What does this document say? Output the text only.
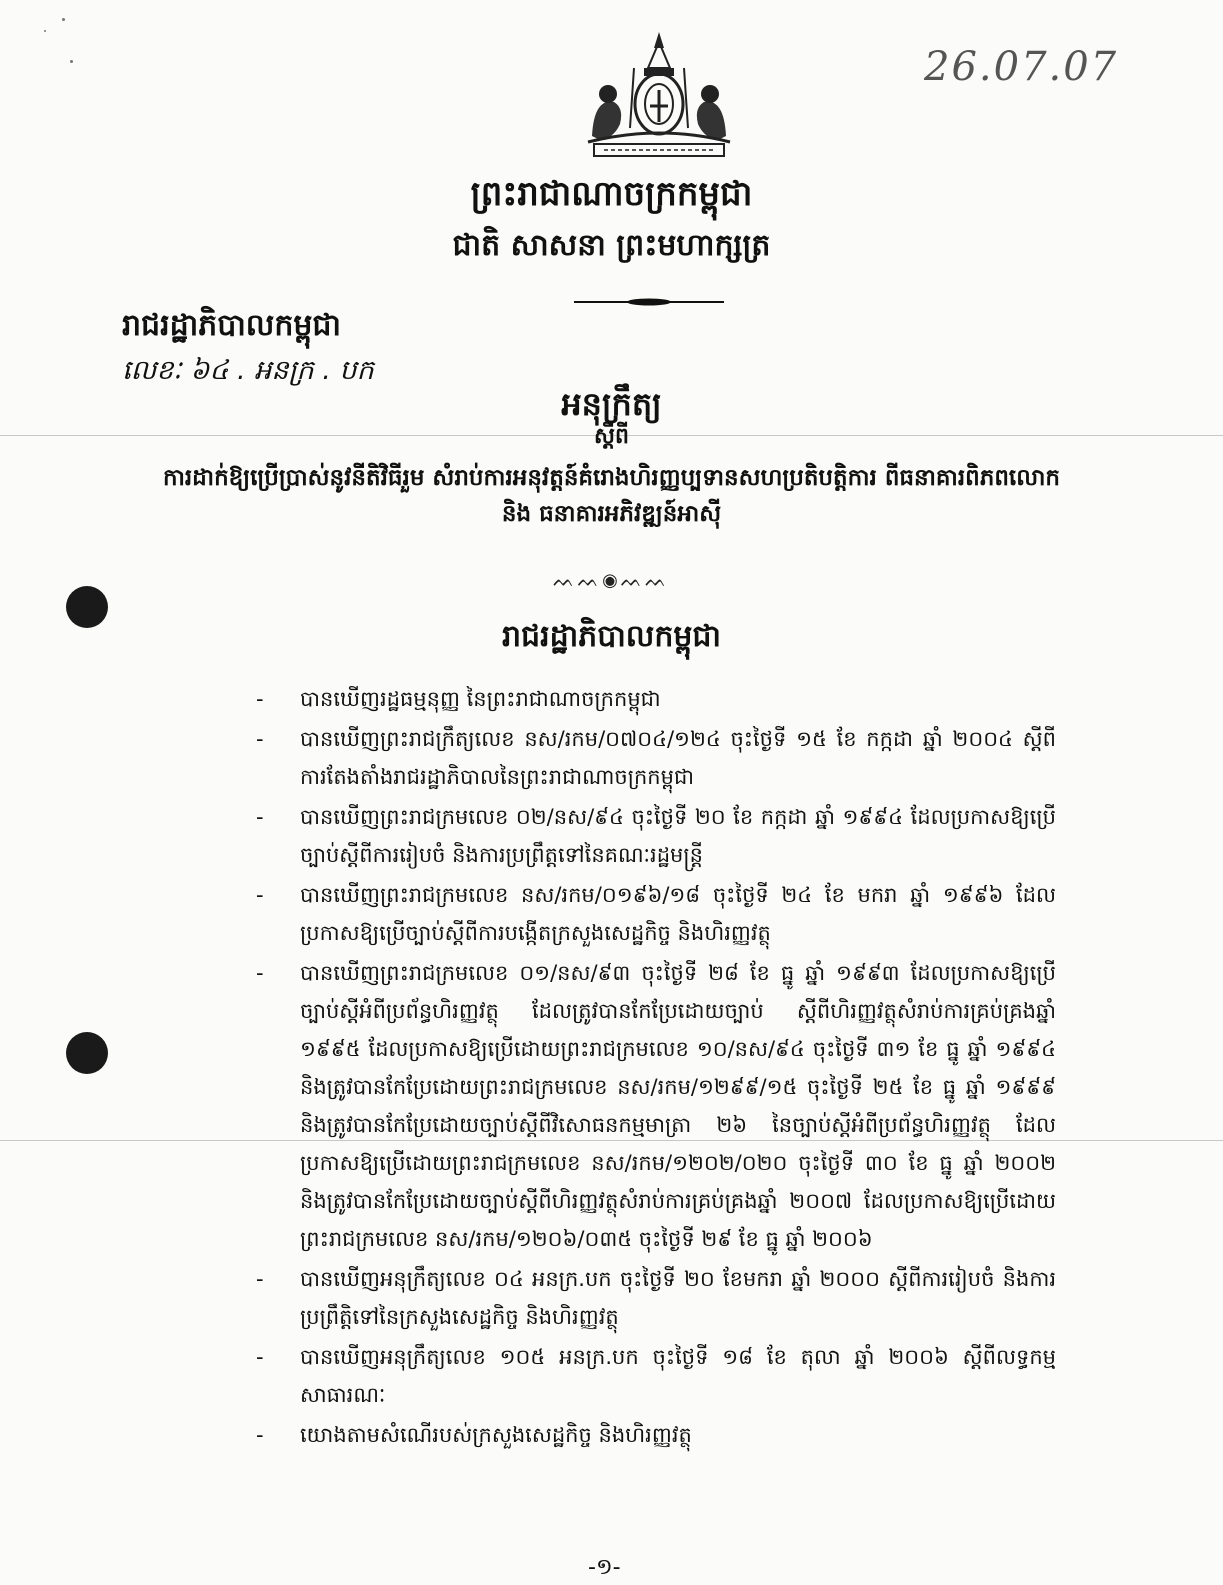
26.07.07
ព្រះរាជាណាចក្រកម្ពុជា
ជាតិ សាសនា ព្រះមហាក្សត្រ
រាជរដ្ឋាភិបាលកម្ពុជា
លេខៈ ៦៤ . អនក្រ . បក
អនុក្រឹត្យ
ស្តីពី
ការដាក់ឱ្យប្រើប្រាស់នូវនីតិវិធីរួម សំរាប់ការអនុវត្តន៍គំរោងហិរញ្ញប្បទានសហប្រតិបត្តិការ ពីធនាគារពិភពលោក និង ធនាគារអភិវឌ្ឍន៍អាស៊ី
ᨓᨓ◉ᨓᨓ
រាជរដ្ឋាភិបាលកម្ពុជា
- បានឃើញរដ្ឋធម្មនុញ្ញ នៃព្រះរាជាណាចក្រកម្ពុជា
- បានឃើញព្រះរាជក្រឹត្យលេខ នស/រកម/០៧០៤/១២៤ ចុះថ្ងៃទី ១៥ ខែ កក្កដា ឆ្នាំ ២០០៤ ស្តីពីការតែងតាំងរាជរដ្ឋាភិបាលនៃព្រះរាជាណាចក្រកម្ពុជា
- បានឃើញព្រះរាជក្រមលេខ ០២/នស/៩៤ ចុះថ្ងៃទី ២០ ខែ កក្កដា ឆ្នាំ ១៩៩៤ ដែលប្រកាសឱ្យប្រើច្បាប់ស្តីពីការរៀបចំ និងការប្រព្រឹត្តទៅនៃគណៈរដ្ឋមន្ត្រី
- បានឃើញព្រះរាជក្រមលេខ នស/រកម/០១៩៦/១៨ ចុះថ្ងៃទី ២៤ ខែ មករា ឆ្នាំ ១៩៩៦ ដែលប្រកាសឱ្យប្រើច្បាប់ស្តីពីការបង្កើតក្រសួងសេដ្ឋកិច្ច និងហិរញ្ញវត្ថុ
- បានឃើញព្រះរាជក្រមលេខ ០១/នស/៩៣ ចុះថ្ងៃទី ២៨ ខែ ធ្នូ ឆ្នាំ ១៩៩៣ ដែលប្រកាសឱ្យប្រើច្បាប់ស្តីអំពីប្រព័ន្ធហិរញ្ញវត្ថុ ដែលត្រូវបានកែប្រែដោយច្បាប់ ស្តីពីហិរញ្ញវត្ថុសំរាប់ការគ្រប់គ្រងឆ្នាំ ១៩៩៥ ដែលប្រកាសឱ្យប្រើដោយព្រះរាជក្រមលេខ ១០/នស/៩៤ ចុះថ្ងៃទី ៣១ ខែ ធ្នូ ឆ្នាំ ១៩៩៤ និងត្រូវបានកែប្រែដោយព្រះរាជក្រមលេខ នស/រកម/១២៩៩/១៥ ចុះថ្ងៃទី ២៥ ខែ ធ្នូ ឆ្នាំ ១៩៩៩ និងត្រូវបានកែប្រែដោយច្បាប់ស្តីពីវិសោធនកម្មមាត្រា ២៦ នៃច្បាប់ស្តីអំពីប្រព័ន្ធហិរញ្ញវត្ថុ ដែលប្រកាសឱ្យប្រើដោយព្រះរាជក្រមលេខ នស/រកម/១២០២/០២០ ចុះថ្ងៃទី ៣០ ខែ ធ្នូ ឆ្នាំ ២០០២ និងត្រូវបានកែប្រែដោយច្បាប់ស្តីពីហិរញ្ញវត្ថុសំរាប់ការគ្រប់គ្រងឆ្នាំ ២០០៧ ដែលប្រកាសឱ្យប្រើដោយព្រះរាជក្រមលេខ នស/រកម/១២០៦/០៣៥ ចុះថ្ងៃទី ២៩ ខែ ធ្នូ ឆ្នាំ ២០០៦
- បានឃើញអនុក្រឹត្យលេខ ០៤ អនក្រ.បក ចុះថ្ងៃទី ២០ ខែមករា ឆ្នាំ ២០០០ ស្តីពីការរៀបចំ និងការប្រព្រឹត្តិទៅនៃក្រសួងសេដ្ឋកិច្ច និងហិរញ្ញវត្ថុ
- បានឃើញអនុក្រឹត្យលេខ ១០៥ អនក្រ.បក ចុះថ្ងៃទី ១៨ ខែ តុលា ឆ្នាំ ២០០៦ ស្តីពីលទ្ធកម្មសាធារណៈ
- យោងតាមសំណើរបស់ក្រសួងសេដ្ឋកិច្ច និងហិរញ្ញវត្ថុ
-១-
